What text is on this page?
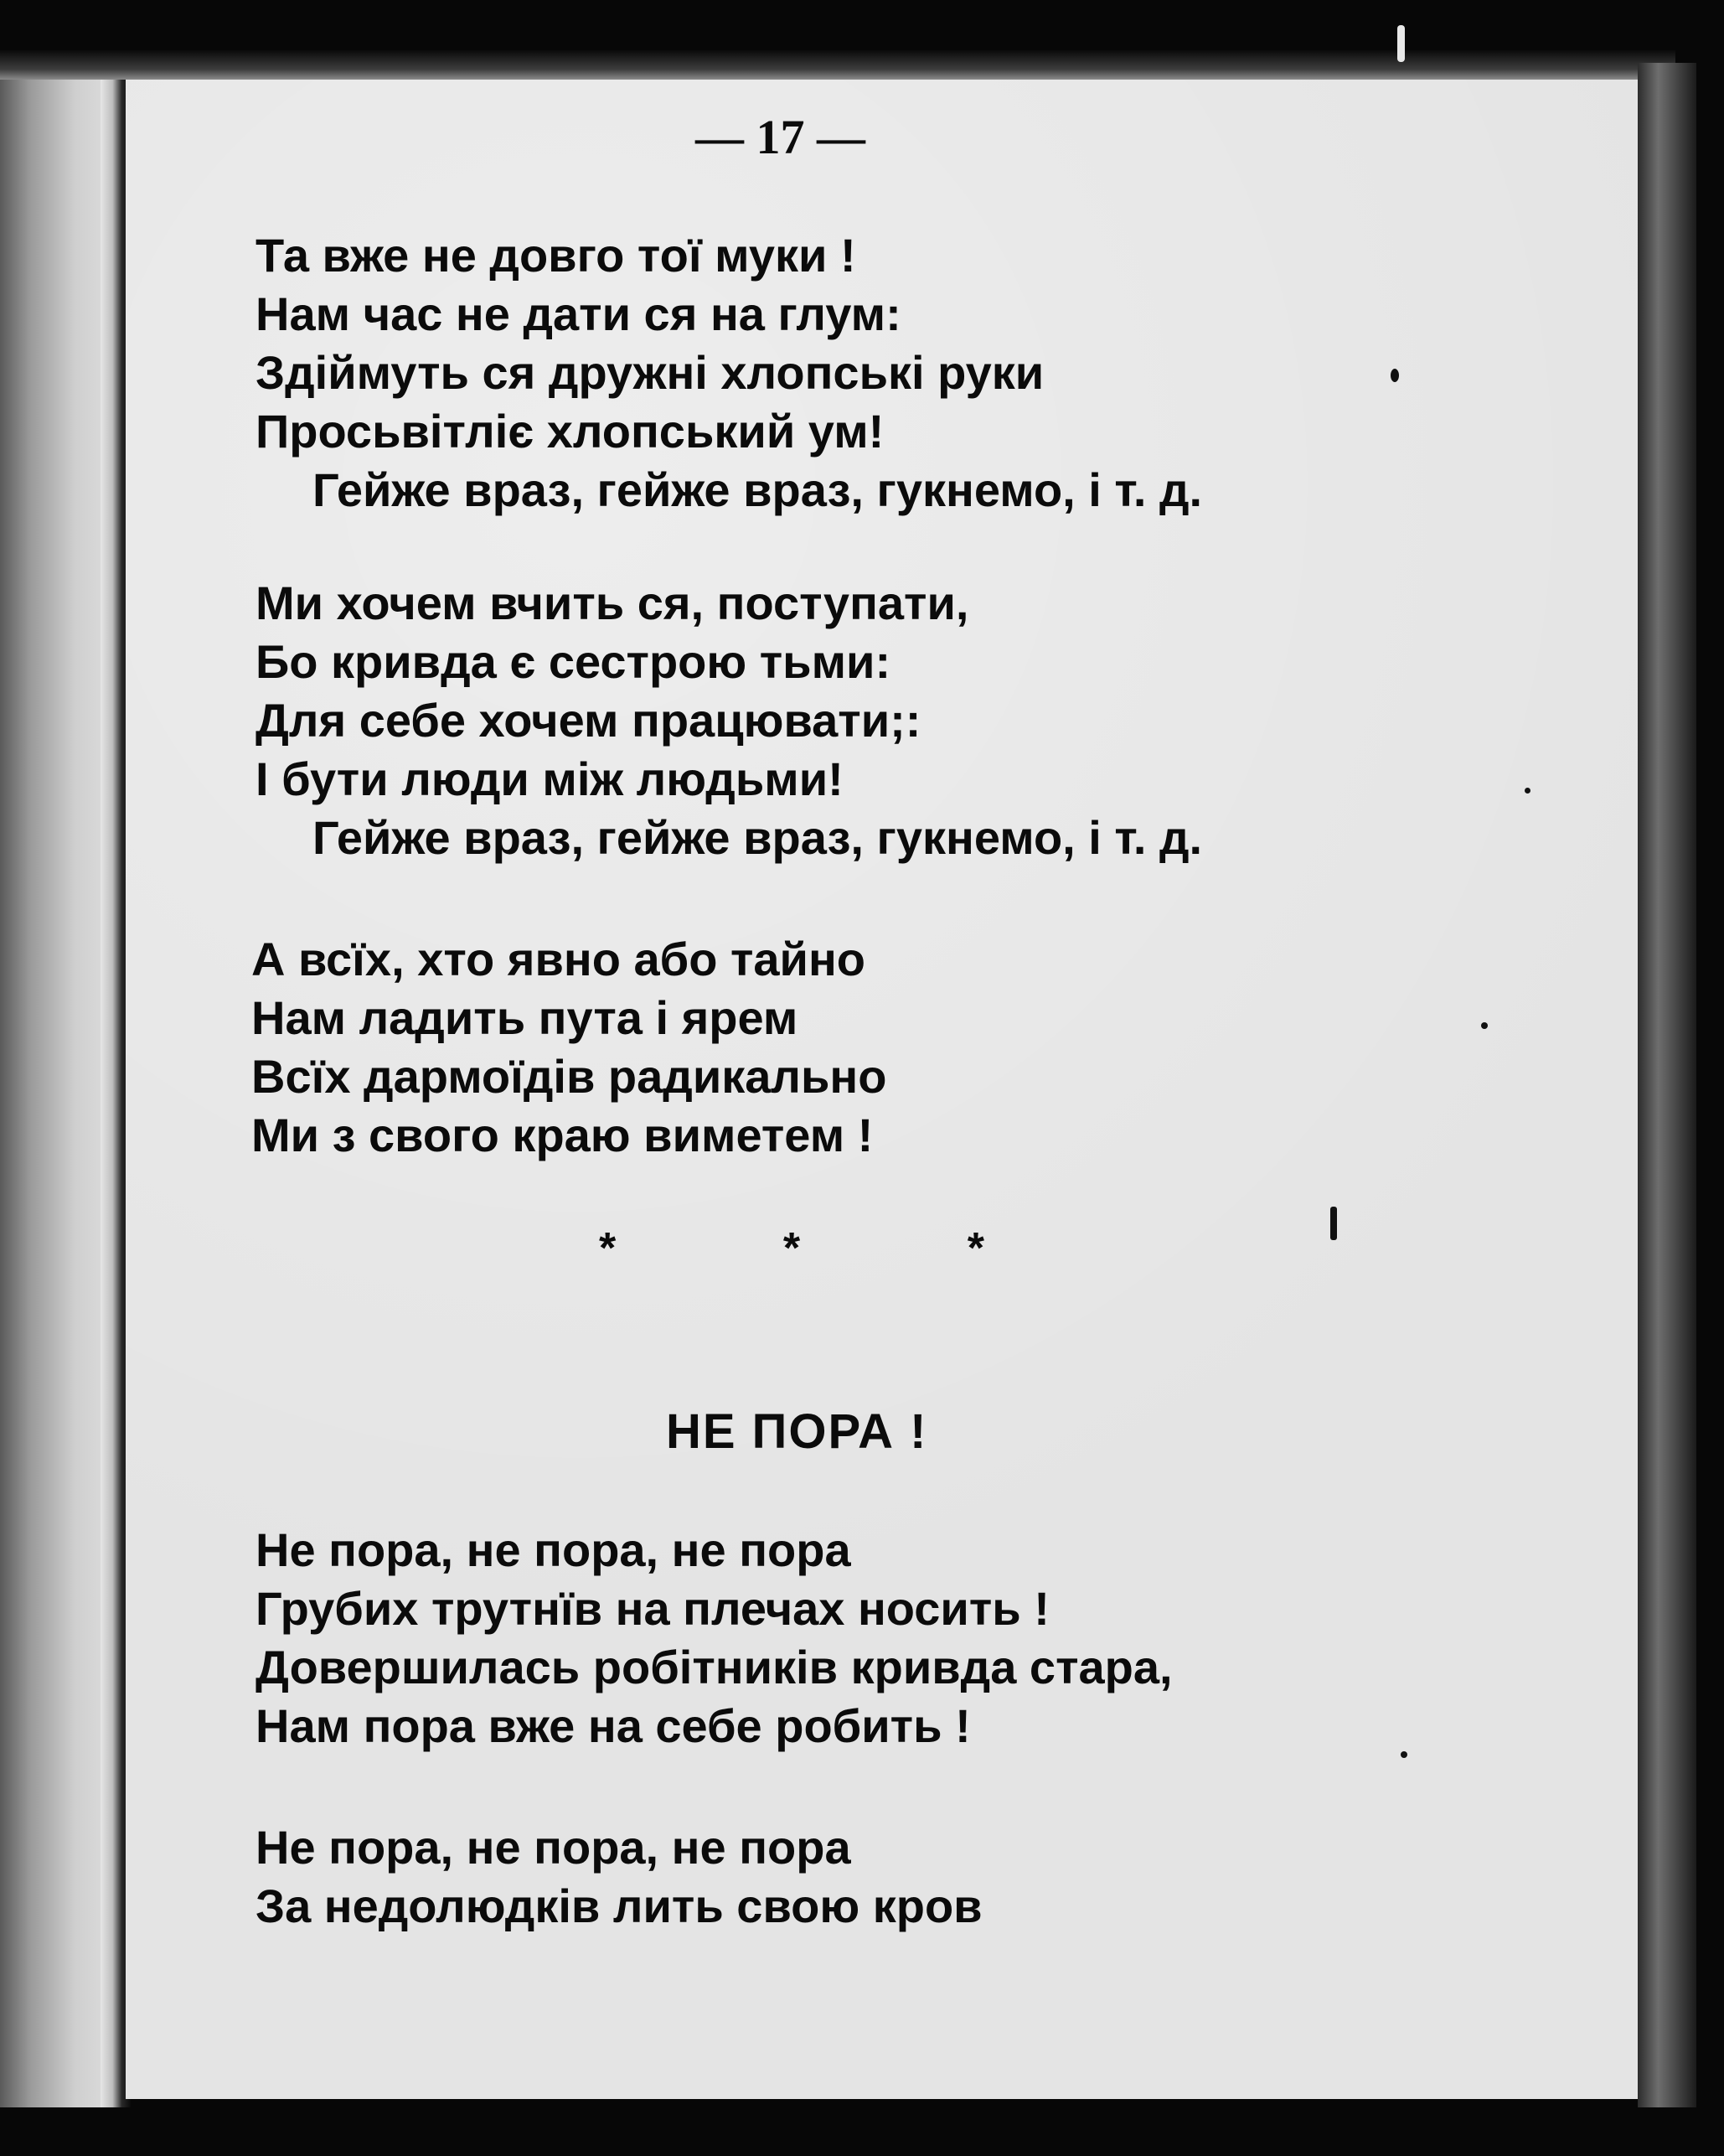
— 17 —
Та вже не довго тої муки !
Нам час не дати ся на глум:
Здіймуть ся дружні хлопські руки
Просьвітліє хлопський ум!
Гейже враз, гейже враз, гукнемо, і т. д.
Ми хочем вчить ся, поступати,
Бо кривда є сестрою тьми:
Для себе хочем працювати;:
І бути люди між людьми!
Гейже враз, гейже враз, гукнемо, і т. д.
А всїх, хто явно або тайно
Нам ладить пута і ярем
Всїх дармоїдів радикально
Ми з свого краю виметем !
*	*	*
НЕ ПОРА !
Не пора, не пора, не пора
Грубих трутнїв на плечах носить !
Довершилась робітників кривда стара,
Нам пора вже на себе робить !
Не пора, не пора, не пора
За недолюдків лить свою кров
